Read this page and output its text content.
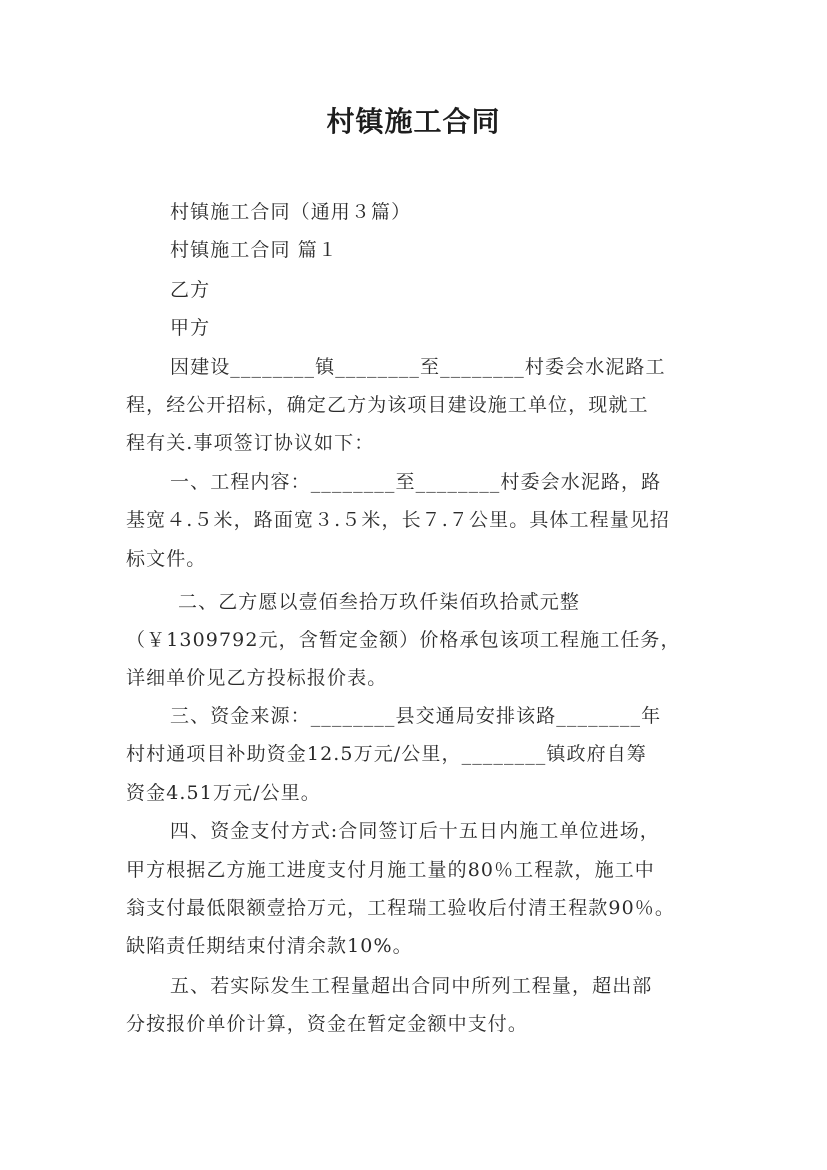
村镇施工合同
村镇施工合同（通用３篇）
村镇施工合同 篇１
乙方
甲方
因建设________镇________至________村委会水泥路工
程，经公开招标，确定乙方为该项目建设施工单位，现就工
程有关.事项签订协议如下：
一、工程内容：________至________村委会水泥路，路
基宽４.５米，路面宽３.５米，长７.７公里。具体工程量见招
标文件。
二、乙方愿以壹佰叁拾万玖仟柒佰玖拾贰元整
（￥1309792元，含暂定金额）价格承包该项工程施工任务，
详细单价见乙方投标报价表。
三、资金来源：________县交通局安排该路________年
村村通项目补助资金12.5万元/公里，________镇政府自筹
资金4.51万元/公里。
四、资金支付方式:合同签订后十五日内施工单位进场，
甲方根据乙方施工进度支付月施工量的80％工程款，施工中
翁支付最低限额壹拾万元，工程瑞工验收后付清王程款90％。
缺陷责任期结束付清余款10%。
五、若实际发生工程量超出合同中所列工程量，超出部
分按报价单价计算，资金在暂定金额中支付。
